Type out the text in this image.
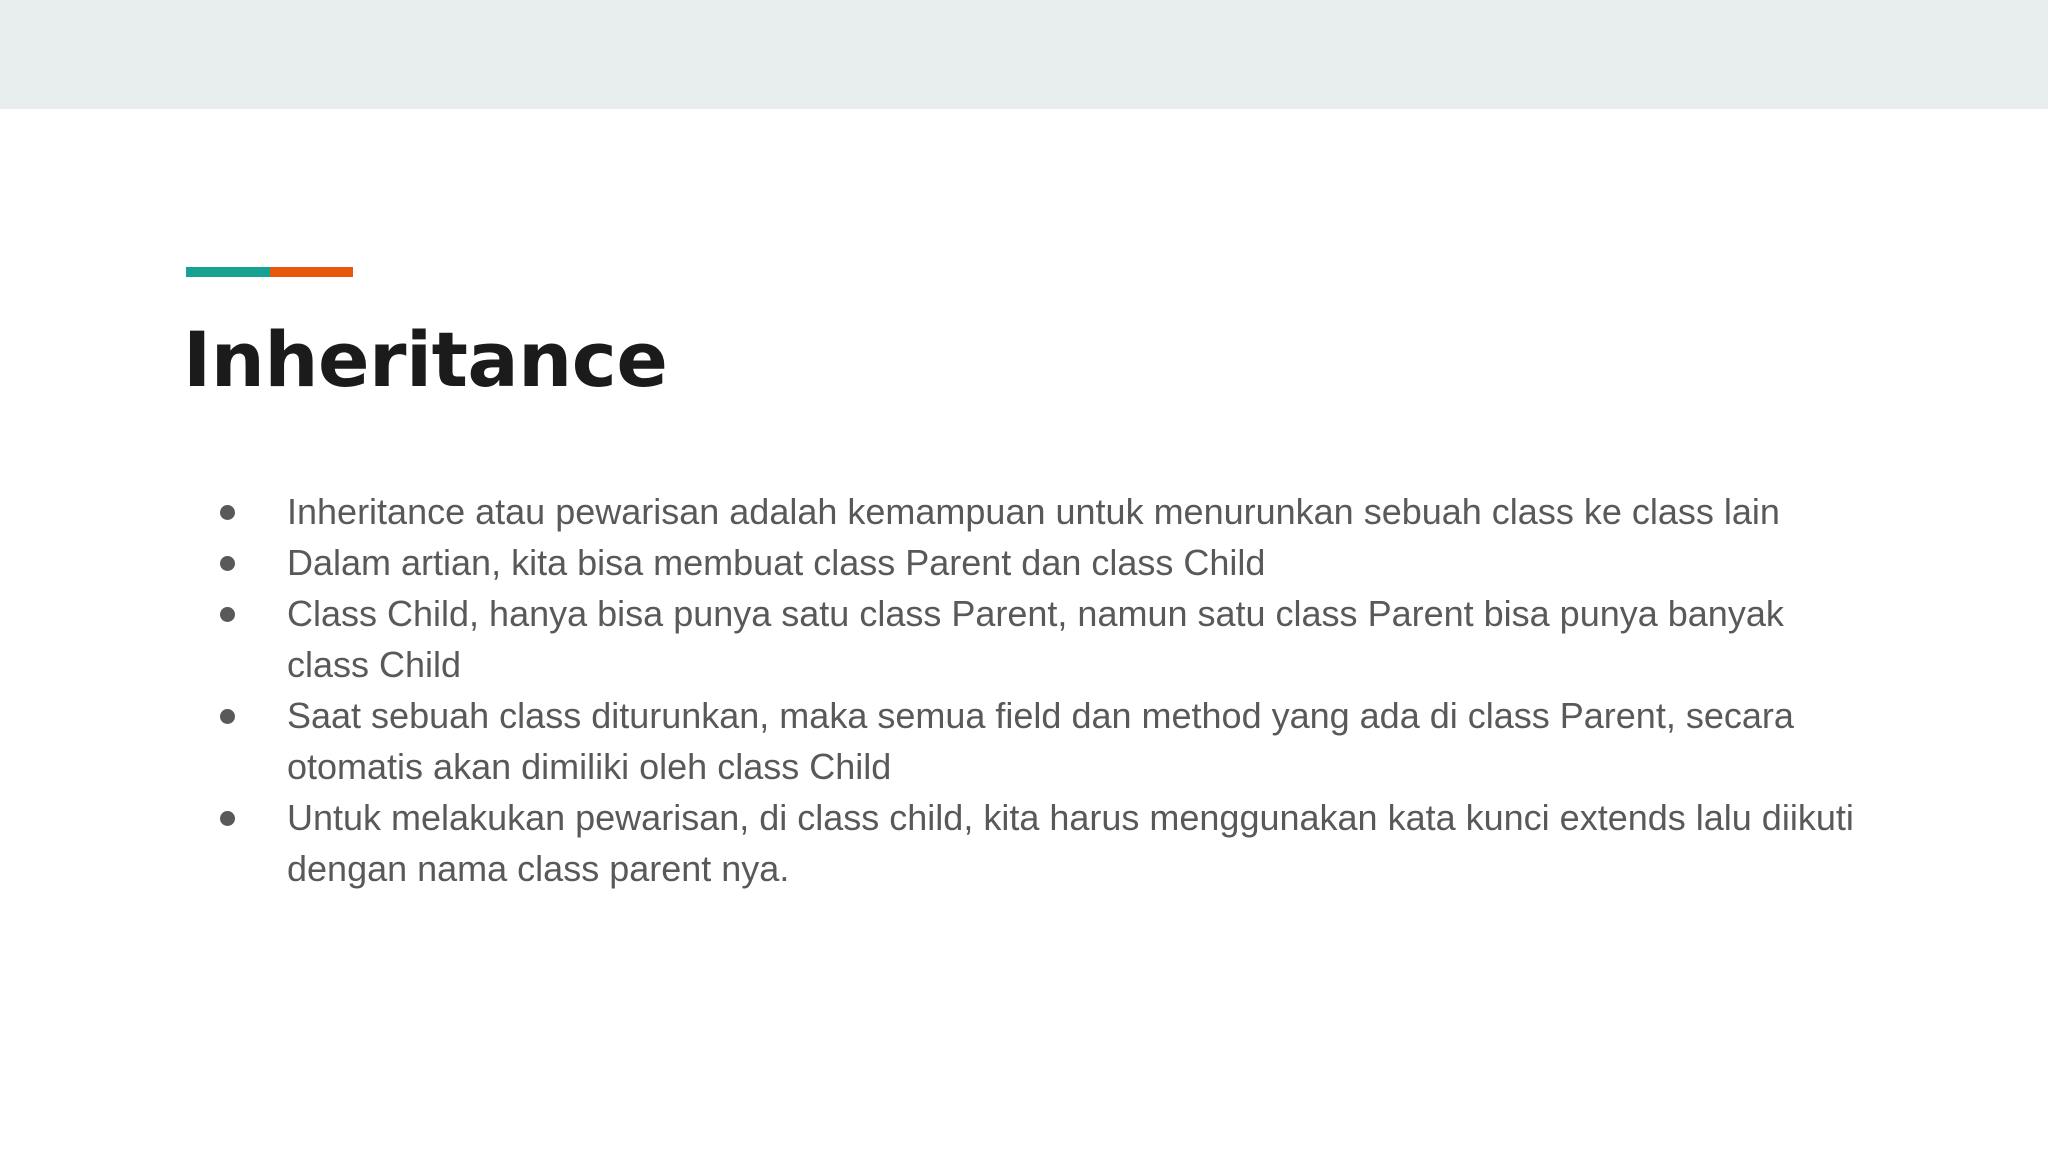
Inheritance
Inheritance atau pewarisan adalah kemampuan untuk menurunkan sebuah class ke class lain
Dalam artian, kita bisa membuat class Parent dan class Child
Class Child, hanya bisa punya satu class Parent, namun satu class Parent bisa punya banyak class Child
Saat sebuah class diturunkan, maka semua field dan method yang ada di class Parent, secara otomatis akan dimiliki oleh class Child
Untuk melakukan pewarisan, di class child, kita harus menggunakan kata kunci extends lalu diikuti dengan nama class parent nya.
